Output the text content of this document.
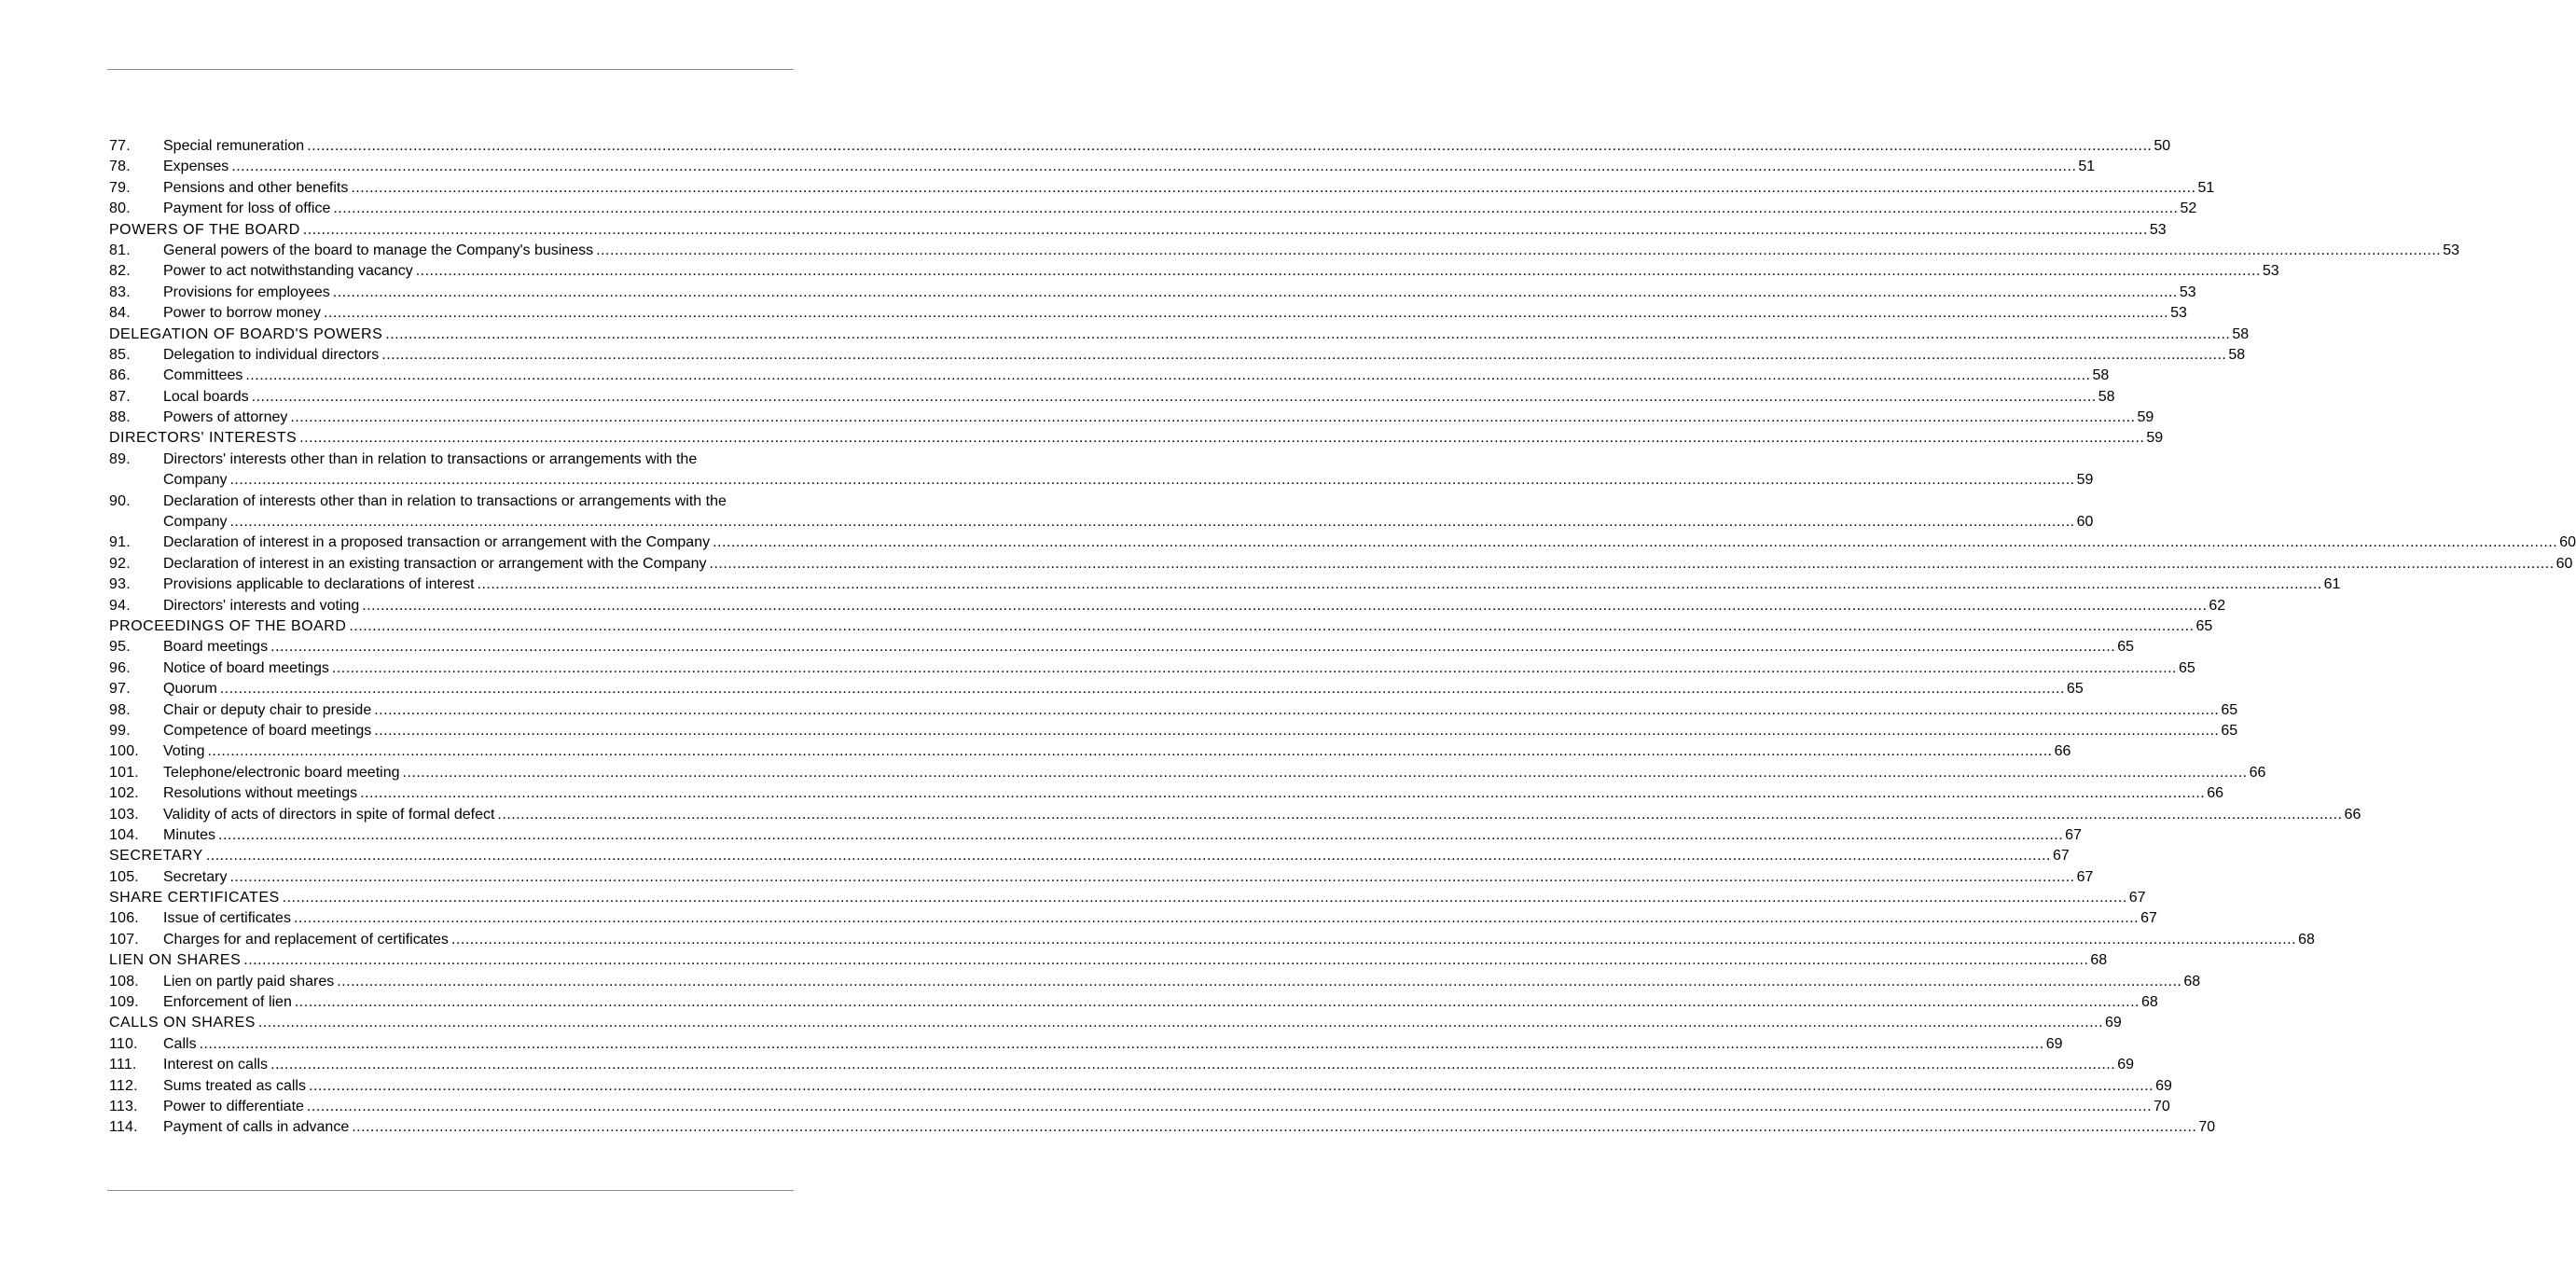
77.	Special remuneration ................................................................................................................................................................................................................................................................................................................................................................................................................ 50
78.	Expenses ................................................................................................................................................................................................................................................................................................................................................................................................................ 51
79.	Pensions and other benefits ................................................................................................................................................................................................................................................................................................................................................................................................................ 51
80.	Payment for loss of office ................................................................................................................................................................................................................................................................................................................................................................................................................ 52
POWERS OF THE BOARD ................................................................................................................................................................................................................................................................................................................................................................................................................ 53
81.	General powers of the board to manage the Company's business ................................................................................................................................................................................................................................................................................................................................................................................................................ 53
82.	Power to act notwithstanding vacancy ................................................................................................................................................................................................................................................................................................................................................................................................................ 53
83.	Provisions for employees ................................................................................................................................................................................................................................................................................................................................................................................................................ 53
84.	Power to borrow money ................................................................................................................................................................................................................................................................................................................................................................................................................ 53
DELEGATION OF BOARD'S POWERS ................................................................................................................................................................................................................................................................................................................................................................................................................ 58
85.	Delegation to individual directors ................................................................................................................................................................................................................................................................................................................................................................................................................ 58
86.	Committees ................................................................................................................................................................................................................................................................................................................................................................................................................ 58
87.	Local boards ................................................................................................................................................................................................................................................................................................................................................................................................................ 58
88.	Powers of attorney ................................................................................................................................................................................................................................................................................................................................................................................................................ 59
DIRECTORS' INTERESTS ................................................................................................................................................................................................................................................................................................................................................................................................................ 59
89.	Directors' interests other than in relation to transactions or arrangements with the
Company ................................................................................................................................................................................................................................................................................................................................................................................................................ 59
90.	Declaration of interests other than in relation to transactions or arrangements with the
Company ................................................................................................................................................................................................................................................................................................................................................................................................................ 60
91.	Declaration of interest in a proposed transaction or arrangement with the Company ................................................................................................................................................................................................................................................................................................................................................................................................................ 60
92.	Declaration of interest in an existing transaction or arrangement with the Company ................................................................................................................................................................................................................................................................................................................................................................................................................ 60
93.	Provisions applicable to declarations of interest ................................................................................................................................................................................................................................................................................................................................................................................................................ 61
94.	Directors' interests and voting ................................................................................................................................................................................................................................................................................................................................................................................................................ 62
PROCEEDINGS OF THE BOARD ................................................................................................................................................................................................................................................................................................................................................................................................................ 65
95.	Board meetings ................................................................................................................................................................................................................................................................................................................................................................................................................ 65
96.	Notice of board meetings ................................................................................................................................................................................................................................................................................................................................................................................................................ 65
97.	Quorum ................................................................................................................................................................................................................................................................................................................................................................................................................ 65
98.	Chair or deputy chair to preside ................................................................................................................................................................................................................................................................................................................................................................................................................ 65
99.	Competence of board meetings ................................................................................................................................................................................................................................................................................................................................................................................................................ 65
100.	Voting ................................................................................................................................................................................................................................................................................................................................................................................................................ 66
101.	Telephone/electronic board meeting ................................................................................................................................................................................................................................................................................................................................................................................................................ 66
102.	Resolutions without meetings ................................................................................................................................................................................................................................................................................................................................................................................................................ 66
103.	Validity of acts of directors in spite of formal defect ................................................................................................................................................................................................................................................................................................................................................................................................................ 66
104.	Minutes ................................................................................................................................................................................................................................................................................................................................................................................................................ 67
SECRETARY ................................................................................................................................................................................................................................................................................................................................................................................................................ 67
105.	Secretary ................................................................................................................................................................................................................................................................................................................................................................................................................ 67
SHARE CERTIFICATES ................................................................................................................................................................................................................................................................................................................................................................................................................ 67
106.	Issue of certificates ................................................................................................................................................................................................................................................................................................................................................................................................................ 67
107.	Charges for and replacement of certificates ................................................................................................................................................................................................................................................................................................................................................................................................................ 68
LIEN ON SHARES ................................................................................................................................................................................................................................................................................................................................................................................................................ 68
108.	Lien on partly paid shares ................................................................................................................................................................................................................................................................................................................................................................................................................ 68
109.	Enforcement of lien ................................................................................................................................................................................................................................................................................................................................................................................................................ 68
CALLS ON SHARES ................................................................................................................................................................................................................................................................................................................................................................................................................ 69
110.	Calls ................................................................................................................................................................................................................................................................................................................................................................................................................ 69
111.	Interest on calls ................................................................................................................................................................................................................................................................................................................................................................................................................ 69
112.	Sums treated as calls ................................................................................................................................................................................................................................................................................................................................................................................................................ 69
113.	Power to differentiate ................................................................................................................................................................................................................................................................................................................................................................................................................ 70
114.	Payment of calls in advance ................................................................................................................................................................................................................................................................................................................................................................................................................ 70
